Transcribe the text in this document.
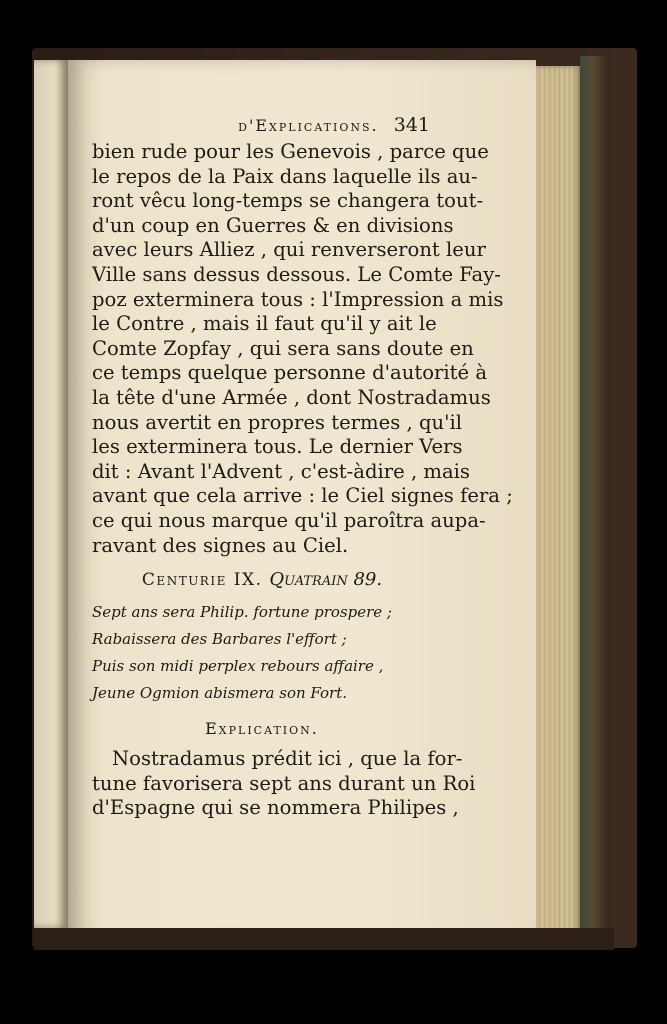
d'Explications. 341
bien rude pour les Genevois , parce que
le repos de la Paix dans laquelle ils au-
ront vêcu long-temps se changera tout-
d'un coup en Guerres & en divisions
avec leurs Alliez , qui renverseront leur
Ville sans dessus dessous. Le Comte Fay-
poz exterminera tous : l'Impression a mis
le Contre , mais il faut qu'il y ait le
Comte Zopfay , qui sera sans doute en
ce temps quelque personne d'autorité à
la tête d'une Armée , dont Nostradamus
nous avertit en propres termes , qu'il
les exterminera tous. Le dernier Vers
dit : Avant l'Advent , c'est-àdire , mais
avant que cela arrive : le Ciel signes fera ;
ce qui nous marque qu'il paroîtra aupa-
ravant des signes au Ciel.
Centurie IX. Quatrain 89.
Sept ans sera Philip. fortune prospere ;
Rabaissera des Barbares l'effort ;
Puis son midi perplex rebours affaire ,
Jeune Ogmion abismera son Fort.
Explication.
Nostradamus prédit ici , que la for-
tune favorisera sept ans durant un Roi
d'Espagne qui se nommera Philipes ,
